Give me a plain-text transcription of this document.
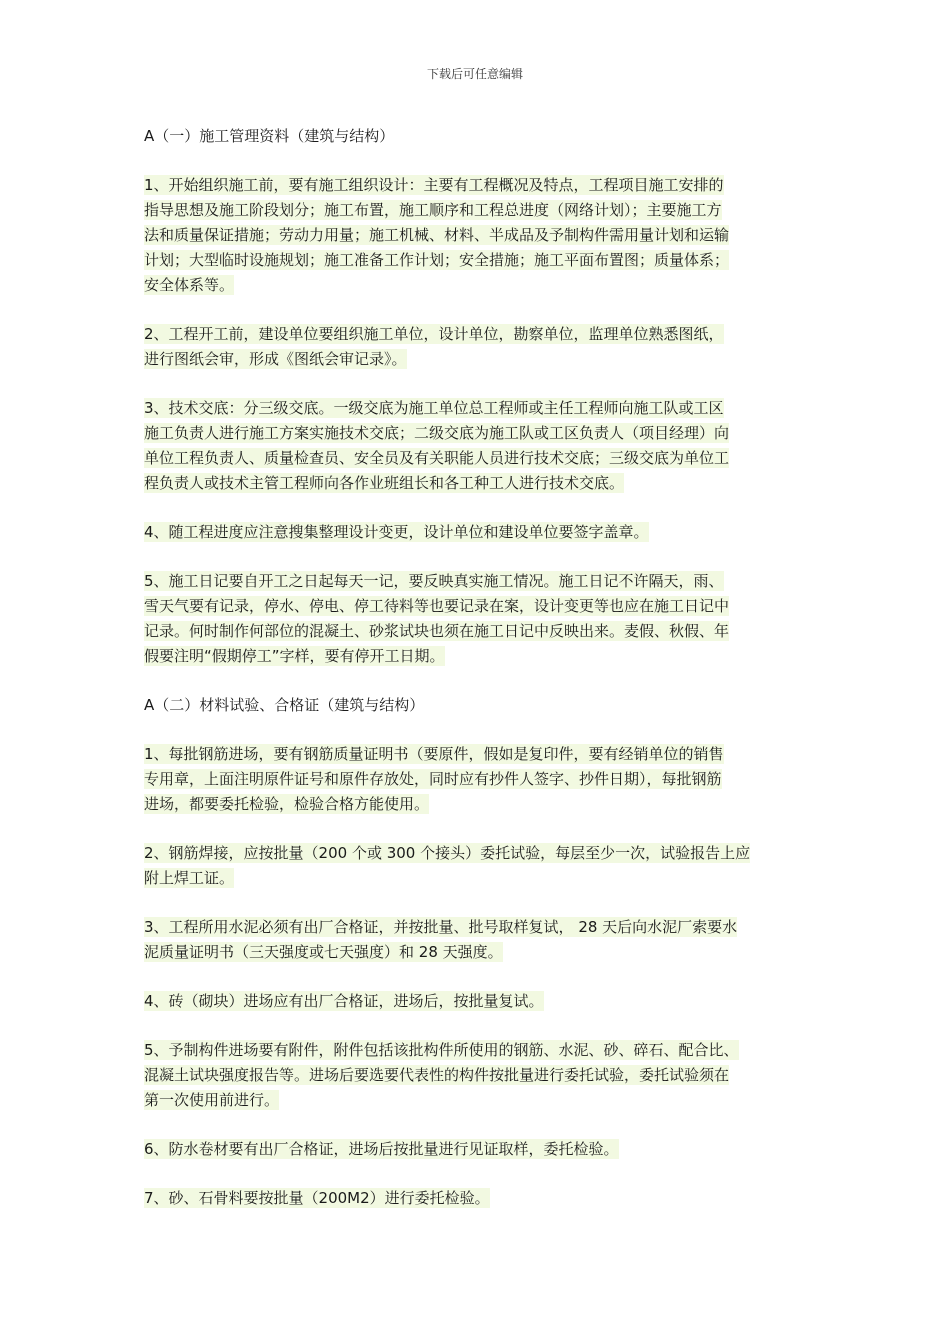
下载后可任意编辑
A（一）施工管理资料（建筑与结构）
1、开始组织施工前，要有施工组织设计：主要有工程概况及特点，工程项目施工安排的
指导思想及施工阶段划分；施工布置，施工顺序和工程总进度（网络计划）；主要施工方
法和质量保证措施；劳动力用量；施工机械、材料、半成品及予制构件需用量计划和运输
计划；大型临时设施规划；施工准备工作计划；安全措施；施工平面布置图；质量体系；
安全体系等。
2、工程开工前，建设单位要组织施工单位，设计单位，勘察单位，监理单位熟悉图纸，
进行图纸会审，形成《图纸会审记录》。
3、技术交底：分三级交底。一级交底为施工单位总工程师或主任工程师向施工队或工区
施工负责人进行施工方案实施技术交底；二级交底为施工队或工区负责人（项目经理）向
单位工程负责人、质量检查员、安全员及有关职能人员进行技术交底；三级交底为单位工
程负责人或技术主管工程师向各作业班组长和各工种工人进行技术交底。
4、随工程进度应注意搜集整理设计变更，设计单位和建设单位要签字盖章。
5、施工日记要自开工之日起每天一记，要反映真实施工情况。施工日记不许隔天，雨、
雪天气要有记录，停水、停电、停工待料等也要记录在案，设计变更等也应在施工日记中
记录。何时制作何部位的混凝土、砂浆试块也须在施工日记中反映出来。麦假、秋假、年
假要注明“假期停工”字样，要有停开工日期。
A（二）材料试验、合格证（建筑与结构）
1、每批钢筋进场，要有钢筋质量证明书（要原件，假如是复印件，要有经销单位的销售
专用章，上面注明原件证号和原件存放处，同时应有抄件人签字、抄件日期），每批钢筋
进场，都要委托检验，检验合格方能使用。
2、钢筋焊接，应按批量（200 个或 300 个接头）委托试验，每层至少一次，试验报告上应
附上焊工证。
3、工程所用水泥必须有出厂合格证，并按批量、批号取样复试， 28 天后向水泥厂索要水
泥质量证明书（三天强度或七天强度）和 28 天强度。
4、砖（砌块）进场应有出厂合格证，进场后，按批量复试。
5、予制构件进场要有附件，附件包括该批构件所使用的钢筋、水泥、砂、碎石、配合比、
混凝土试块强度报告等。进场后要选要代表性的构件按批量进行委托试验，委托试验须在
第一次使用前进行。
6、防水卷材要有出厂合格证，进场后按批量进行见证取样，委托检验。
7、砂、石骨料要按批量（200M2）进行委托检验。
